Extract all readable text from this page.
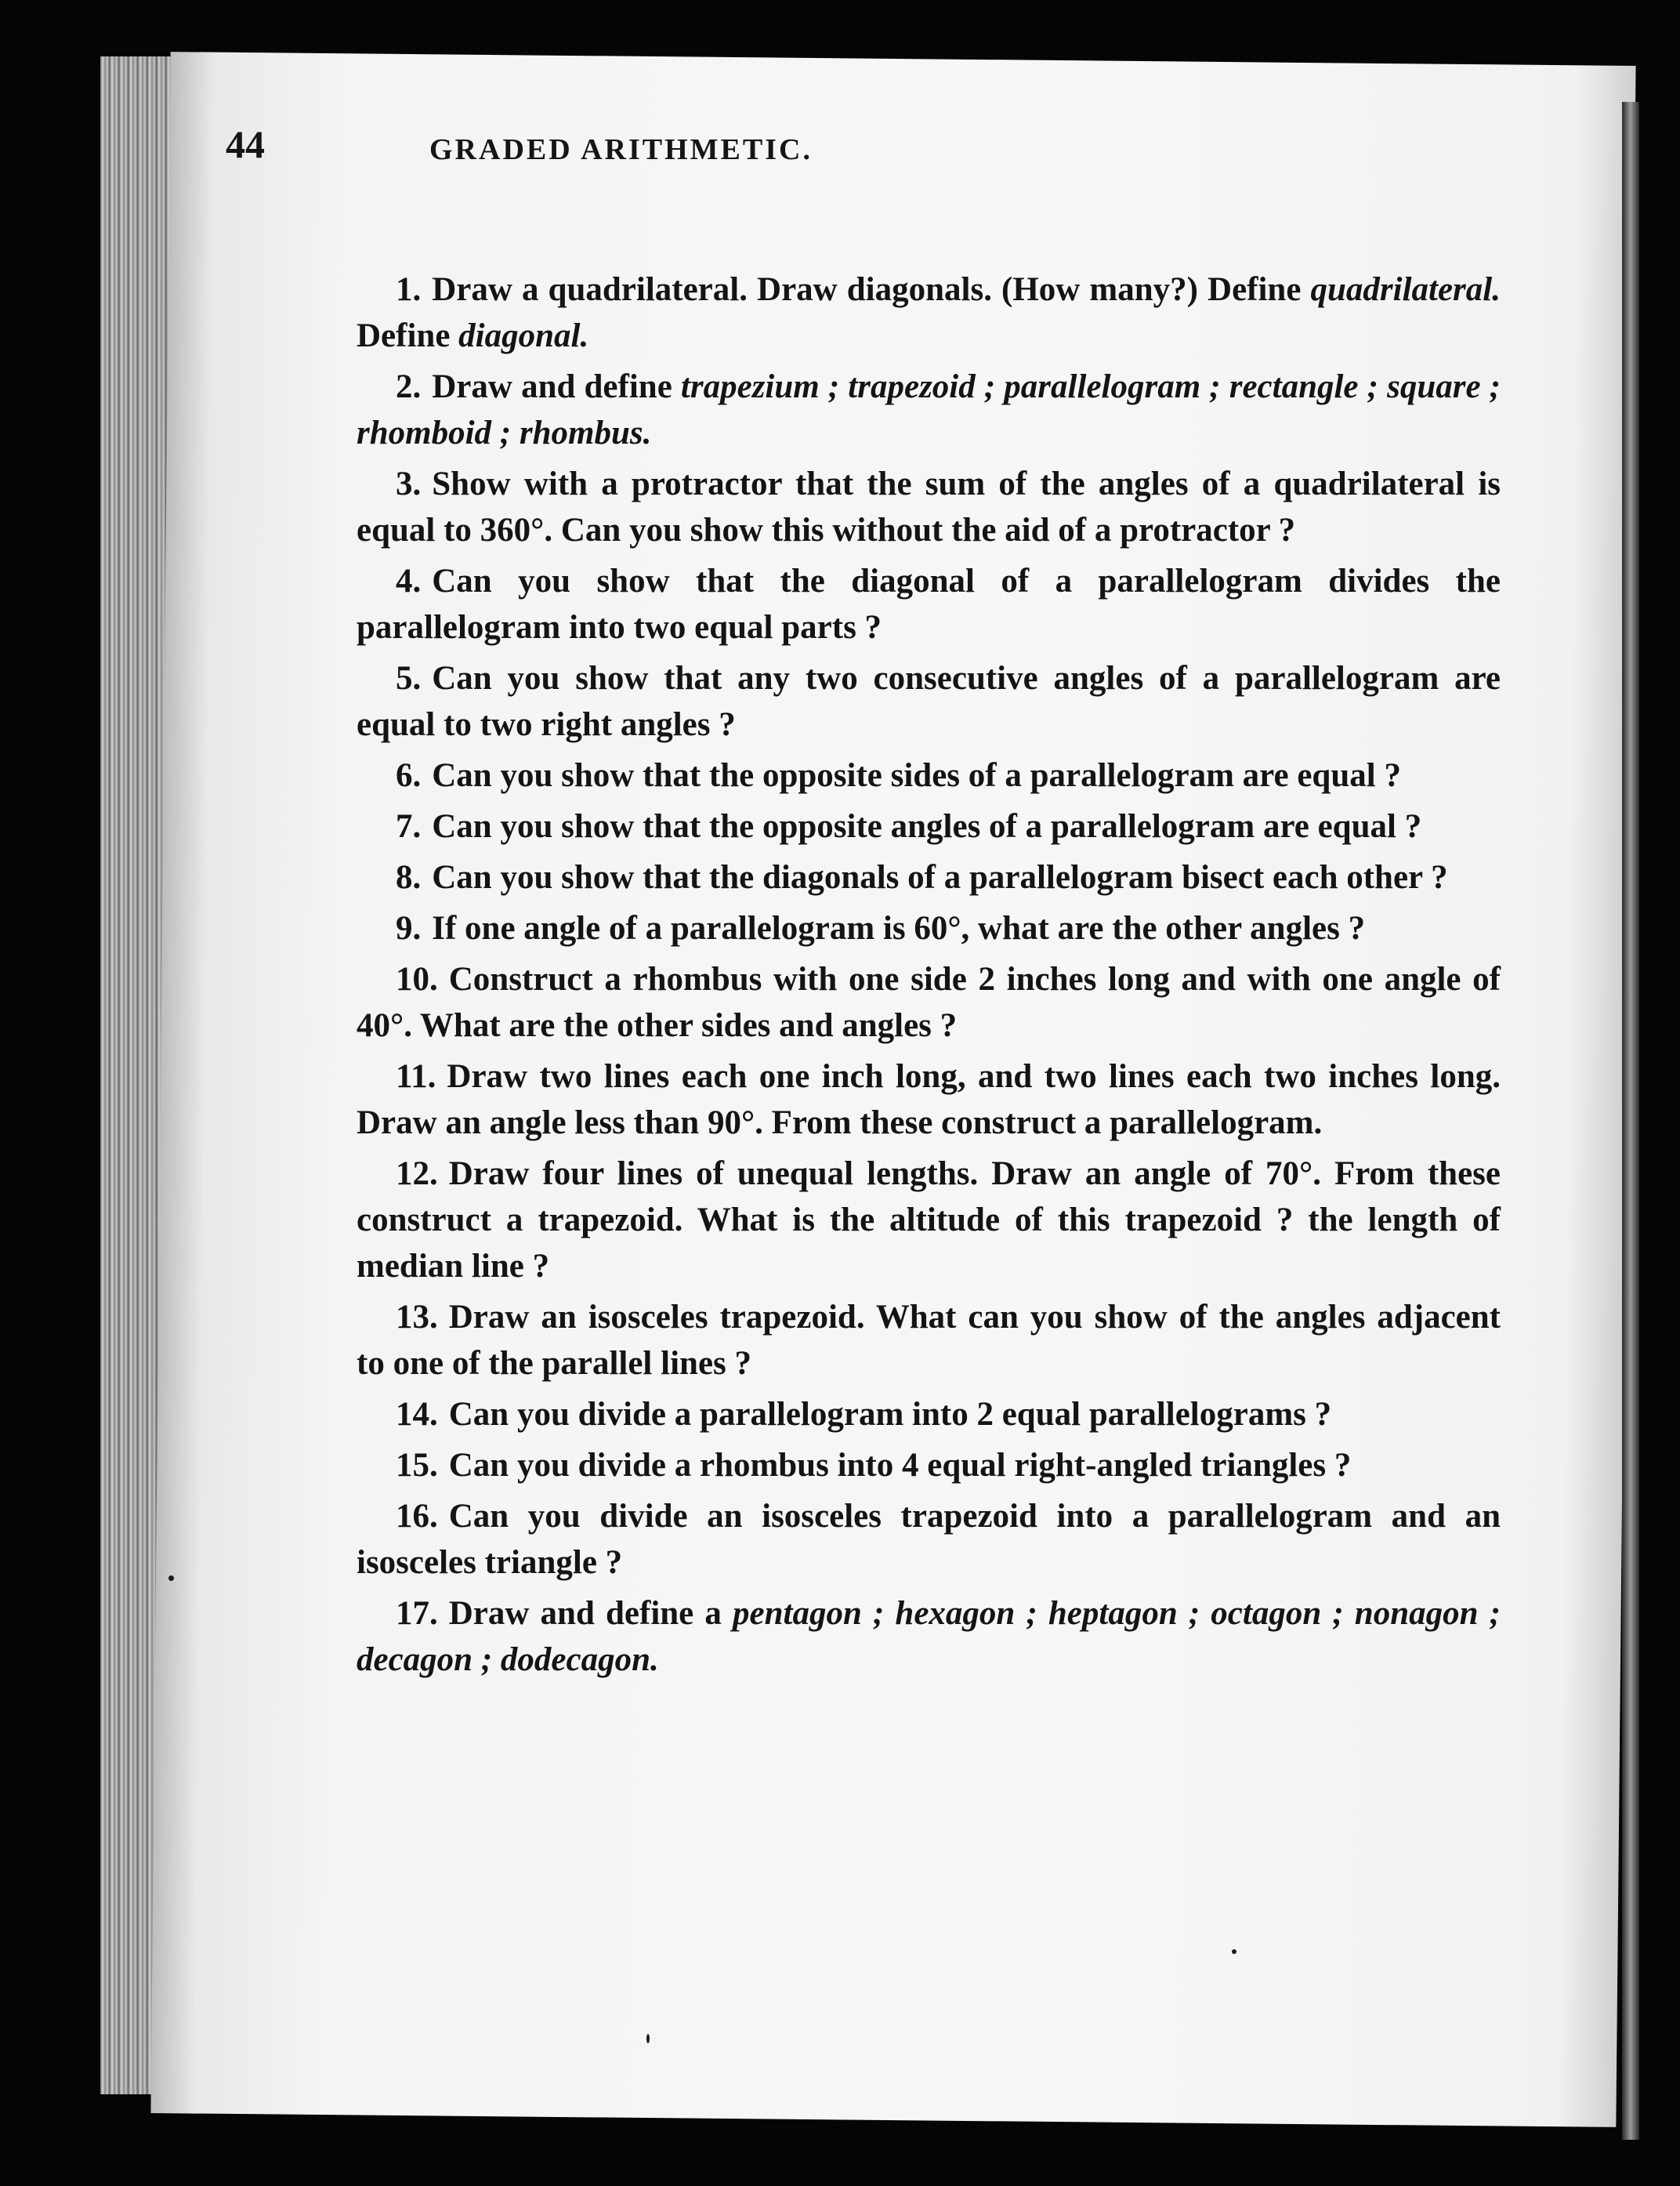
44	GRADED ARITHMETIC.

1. Draw a quadrilateral. Draw diagonals. (How many?) Define quadrilateral. Define diagonal.

2. Draw and define trapezium ; trapezoid ; parallelogram ; rectangle ; square ; rhomboid ; rhombus.

3. Show with a protractor that the sum of the angles of a quadrilateral is equal to 360°. Can you show this without the aid of a protractor ?

4. Can you show that the diagonal of a parallelogram divides the parallelogram into two equal parts ?

5. Can you show that any two consecutive angles of a parallelogram are equal to two right angles ?

6. Can you show that the opposite sides of a parallelogram are equal ?

7. Can you show that the opposite angles of a parallelogram are equal ?

8. Can you show that the diagonals of a parallelogram bisect each other ?

9. If one angle of a parallelogram is 60°, what are the other angles ?

10. Construct a rhombus with one side 2 inches long and with one angle of 40°. What are the other sides and angles ?

11. Draw two lines each one inch long, and two lines each two inches long. Draw an angle less than 90°. From these construct a parallelogram.

12. Draw four lines of unequal lengths. Draw an angle of 70°. From these construct a trapezoid. What is the altitude of this trapezoid ? the length of median line ?

13. Draw an isosceles trapezoid. What can you show of the angles adjacent to one of the parallel lines ?

14. Can you divide a parallelogram into 2 equal parallelograms ?

15. Can you divide a rhombus into 4 equal right-angled triangles ?

16. Can you divide an isosceles trapezoid into a parallelogram and an isosceles triangle ?

17. Draw and define a pentagon ; hexagon ; heptagon ; octagon ; nonagon ; decagon ; dodecagon.
